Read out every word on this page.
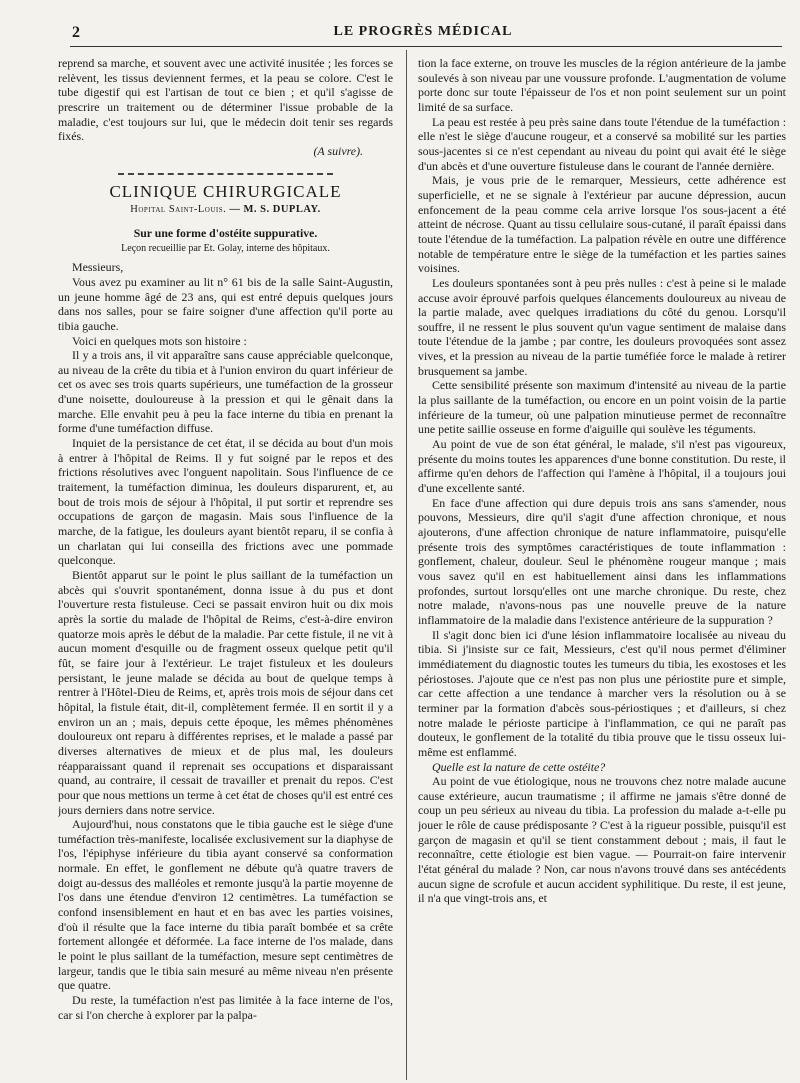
2	LE PROGRÈS MÉDICAL

reprend sa marche, et souvent avec une activité inusitée ; les forces se relèvent, les tissus deviennent fermes, et la peau se colore. C'est le tube digestif qui est l'artisan de tout ce bien ; et qu'il s'agisse de prescrire un traitement ou de déterminer l'issue probable de la maladie, c'est toujours sur lui, que le médecin doit tenir ses regards fixés.

(A suivre).
CLINIQUE CHIRURGICALE
Hopital Saint-Louis. — M. S. DUPLAY.
Sur une forme d'ostéite suppurative.
Leçon recueillie par Et. Golay, interne des hôpitaux.

Messieurs,

Vous avez pu examiner au lit n° 61 bis de la salle Saint-Augustin, un jeune homme âgé de 23 ans, qui est entré depuis quelques jours dans nos salles, pour se faire soigner d'une affection qu'il porte au tibia gauche.

Voici en quelques mots son histoire :

Il y a trois ans, il vit apparaître sans cause appréciable quelconque, au niveau de la crête du tibia et à l'union environ du quart inférieur de cet os avec ses trois quarts supérieurs, une tuméfaction de la grosseur d'une noisette, douloureuse à la pression et qui le gênait dans la marche. Elle envahit peu à peu la face interne du tibia en prenant la forme d'une tuméfaction diffuse.

Inquiet de la persistance de cet état, il se décida au bout d'un mois à entrer à l'hôpital de Reims. Il y fut soigné par le repos et des frictions résolutives avec l'onguent napolitain. Sous l'influence de ce traitement, la tuméfaction diminua, les douleurs disparurent, et, au bout de trois mois de séjour à l'hôpital, il put sortir et reprendre ses occupations de garçon de magasin. Mais sous l'influence de la marche, de la fatigue, les douleurs ayant bientôt reparu, il se confia à un charlatan qui lui conseilla des frictions avec une pommade quelconque.

Bientôt apparut sur le point le plus saillant de la tuméfaction un abcès qui s'ouvrit spontanément, donna issue à du pus et dont l'ouverture resta fistuleuse. Ceci se passait environ huit ou dix mois après la sortie du malade de l'hôpital de Reims, c'est-à-dire environ quatorze mois après le début de la maladie. Par cette fistule, il ne vit à aucun moment d'esquille ou de fragment osseux quelque petit qu'il fût, se faire jour à l'extérieur. Le trajet fistuleux et les douleurs persistant, le jeune malade se décida au bout de quelque temps à rentrer à l'Hôtel-Dieu de Reims, et, après trois mois de séjour dans cet hôpital, la fistule était, dit-il, complètement fermée. Il en sortit il y a environ un an ; mais, depuis cette époque, les mêmes phénomènes douloureux ont reparu à différentes reprises, et le malade a passé par diverses alternatives de mieux et de plus mal, les douleurs réapparaissant quand il reprenait ses occupations et disparaissant quand, au contraire, il cessait de travailler et prenait du repos. C'est pour que nous mettions un terme à cet état de choses qu'il est entré ces jours derniers dans notre service.

Aujourd'hui, nous constatons que le tibia gauche est le siège d'une tuméfaction très-manifeste, localisée exclusivement sur la diaphyse de l'os, l'épiphyse inférieure du tibia ayant conservé sa conformation normale. En effet, le gonflement ne débute qu'à quatre travers de doigt au-dessus des malléoles et remonte jusqu'à la partie moyenne de l'os dans une étendue d'environ 12 centimètres. La tuméfaction se confond insensiblement en haut et en bas avec les parties voisines, d'où il résulte que la face interne du tibia paraît bombée et sa crête fortement allongée et déformée. La face interne de l'os malade, dans le point le plus saillant de la tuméfaction, mesure sept centimètres de largeur, tandis que le tibia sain mesuré au même niveau n'en présente que quatre.

Du reste, la tuméfaction n'est pas limitée à la face interne de l'os, car si l'on cherche à explorer par la palpa-

tion la face externe, on trouve les muscles de la région antérieure de la jambe soulevés à son niveau par une voussure profonde. L'augmentation de volume porte donc sur toute l'épaisseur de l'os et non point seulement sur un point limité de sa surface.

La peau est restée à peu près saine dans toute l'étendue de la tuméfaction : elle n'est le siège d'aucune rougeur, et a conservé sa mobilité sur les parties sous-jacentes si ce n'est cependant au niveau du point qui avait été le siège d'un abcès et d'une ouverture fistuleuse dans le courant de l'année dernière.

Mais, je vous prie de le remarquer, Messieurs, cette adhérence est superficielle, et ne se signale à l'extérieur par aucune dépression, aucun enfoncement de la peau comme cela arrive lorsque l'os sous-jacent a été atteint de nécrose. Quant au tissu cellulaire sous-cutané, il paraît épaissi dans toute l'étendue de la tuméfaction. La palpation révèle en outre une différence notable de température entre le siège de la tuméfaction et les parties saines voisines.

Les douleurs spontanées sont à peu près nulles : c'est à peine si le malade accuse avoir éprouvé parfois quelques élancements douloureux au niveau de la partie malade, avec quelques irradiations du côté du genou. Lorsqu'il souffre, il ne ressent le plus souvent qu'un vague sentiment de malaise dans toute l'étendue de la jambe ; par contre, les douleurs provoquées sont assez vives, et la pression au niveau de la partie tuméfiée force le malade à retirer brusquement sa jambe.

Cette sensibilité présente son maximum d'intensité au niveau de la partie la plus saillante de la tuméfaction, ou encore en un point voisin de la partie inférieure de la tumeur, où une palpation minutieuse permet de reconnaître une petite saillie osseuse en forme d'aiguille qui soulève les téguments.

Au point de vue de son état général, le malade, s'il n'est pas vigoureux, présente du moins toutes les apparences d'une bonne constitution. Du reste, il affirme qu'en dehors de l'affection qui l'amène à l'hôpital, il a toujours joui d'une excellente santé.

En face d'une affection qui dure depuis trois ans sans s'amender, nous pouvons, Messieurs, dire qu'il s'agit d'une affection chronique, et nous ajouterons, d'une affection chronique de nature inflammatoire, puisqu'elle présente trois des symptômes caractéristiques de toute inflammation : gonflement, chaleur, douleur. Seul le phénomène rougeur manque ; mais vous savez qu'il en est habituellement ainsi dans les inflammations profondes, surtout lorsqu'elles ont une marche chronique. Du reste, chez notre malade, n'avons-nous pas une nouvelle preuve de la nature inflammatoire de la maladie dans l'existence antérieure de la suppuration ?

Il s'agit donc bien ici d'une lésion inflammatoire localisée au niveau du tibia. Si j'insiste sur ce fait, Messieurs, c'est qu'il nous permet d'éliminer immédiatement du diagnostic toutes les tumeurs du tibia, les exostoses et les périostoses. J'ajoute que ce n'est pas non plus une périostite pure et simple, car cette affection a une tendance à marcher vers la résolution ou à se terminer par la formation d'abcès sous-périostiques ; et d'ailleurs, si chez notre malade le périoste participe à l'inflammation, ce qui ne paraît pas douteux, le gonflement de la totalité du tibia prouve que le tissu osseux lui-même est enflammé.

Quelle est la nature de cette ostéite?

Au point de vue étiologique, nous ne trouvons chez notre malade aucune cause extérieure, aucun traumatisme ; il affirme ne jamais s'être donné de coup un peu sérieux au niveau du tibia. La profession du malade a-t-elle pu jouer le rôle de cause prédisposante ? C'est à la rigueur possible, puisqu'il est garçon de magasin et qu'il se tient constamment debout ; mais, il faut le reconnaître, cette étiologie est bien vague. — Pourrait-on faire intervenir l'état général du malade ? Non, car nous n'avons trouvé dans ses antécédents aucun signe de scrofule et aucun accident syphilitique. Du reste, il est jeune, il n'a que vingt-trois ans, et
